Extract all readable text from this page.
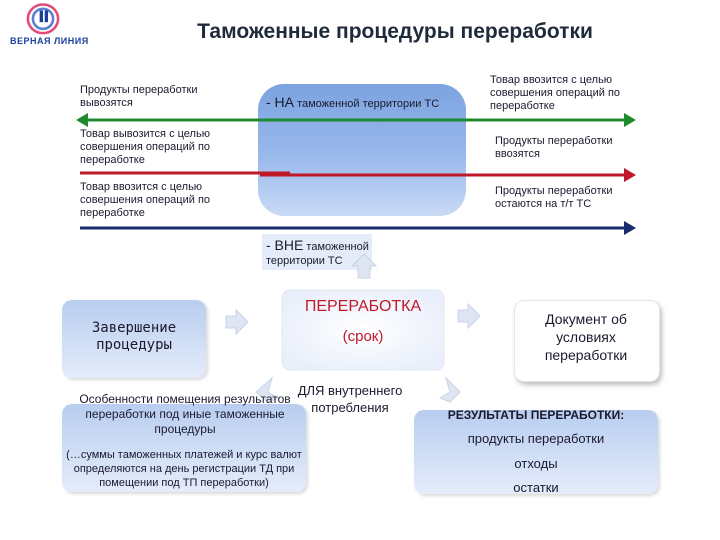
ВЕРНАЯ ЛИНИЯ	Таможенные процедуры переработки
Продукты переработки вывозятся
Товар вывозится с целью совершения операций по переработке
Товар ввозится с целью совершения операций по переработке
Товар ввозится с целью совершения операций по переработке
Продукты переработки ввозятся
Продукты переработки остаются на т/т ТС
- НА таможенной территории ТС
- ВНЕ таможенной территории ТС
ПЕРЕРАБОТКА
(срок)
Завершение процедуры
Документ об условиях переработки
Особенности помещения результатов переработки под иные таможенные процедуры
(…суммы таможенных платежей и курс валют определяются на день регистрации ТД при помещении под ТП переработки)
ДЛЯ внутреннего потребления	РЕЗУЛЬТАТЫ ПЕРЕРАБОТКИ:
продукты переработки
отходы
остатки
